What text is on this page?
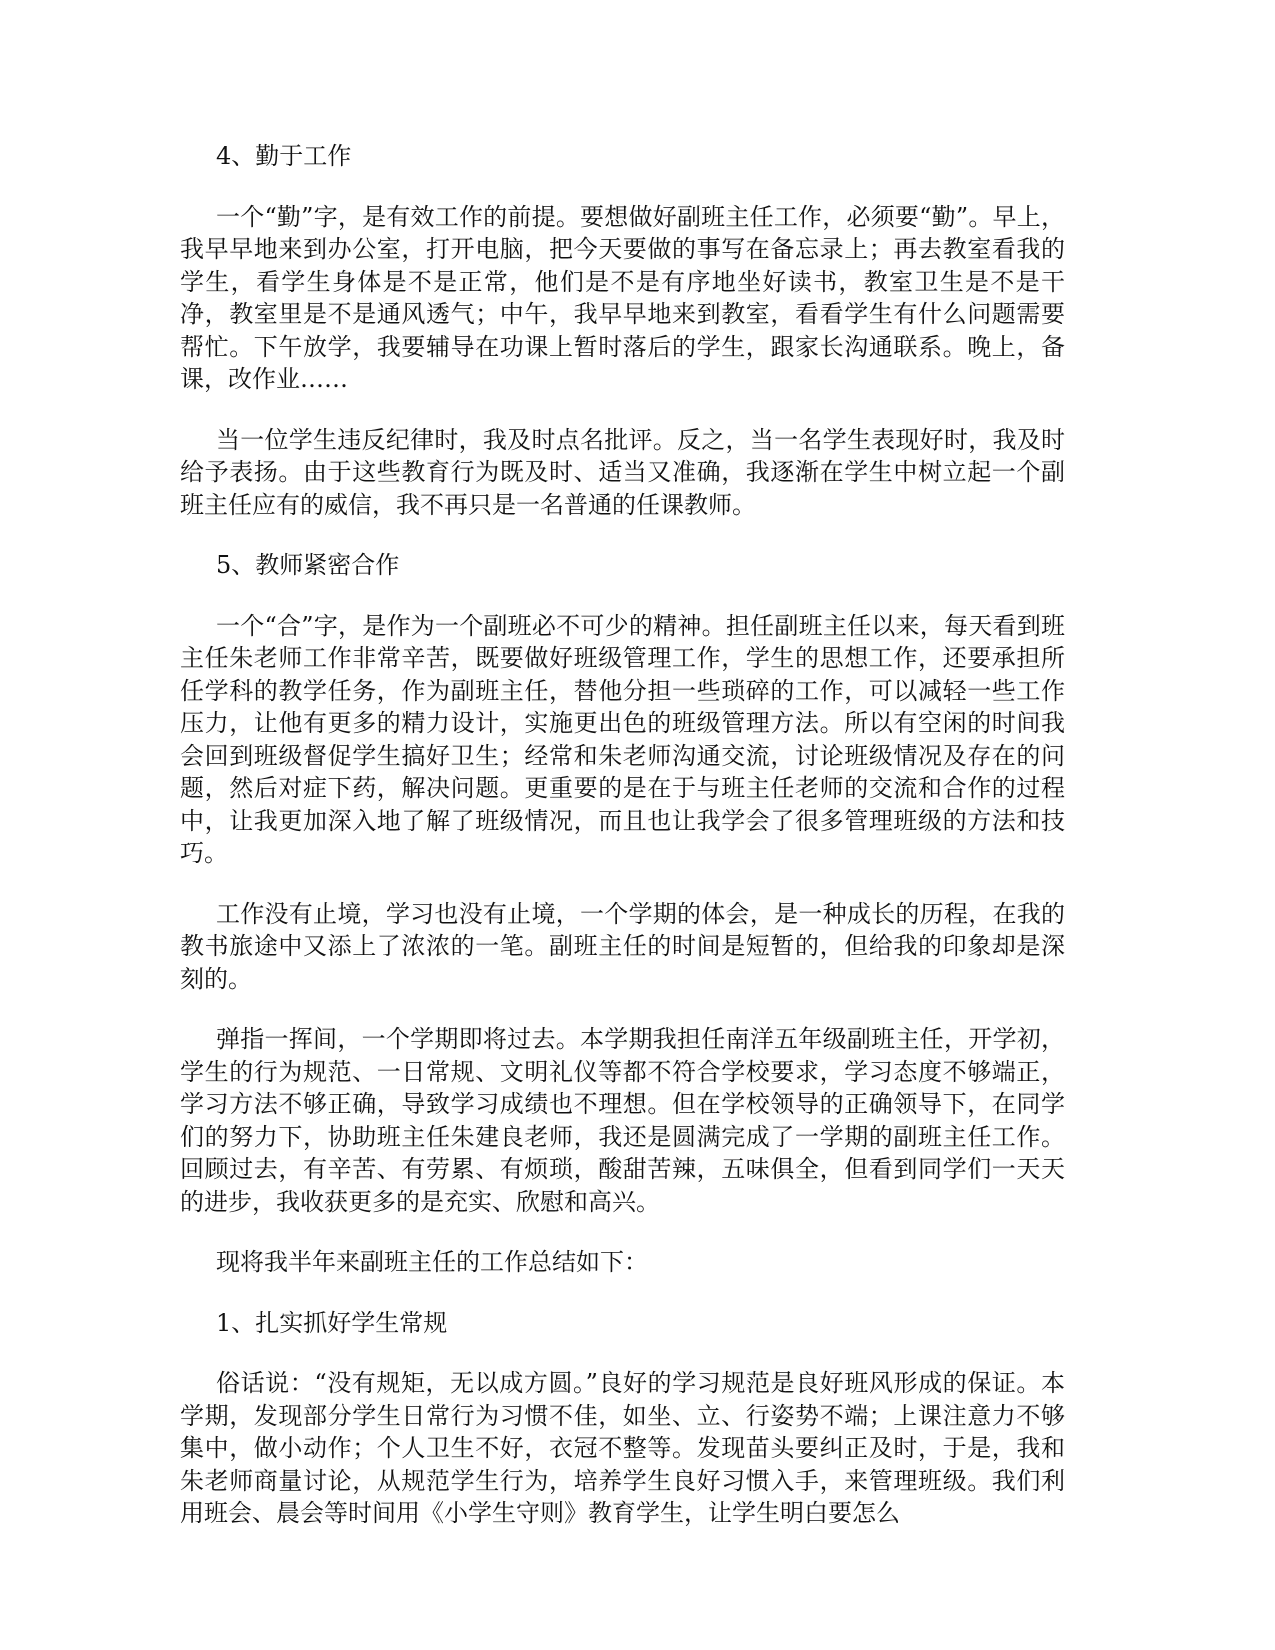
4、勤于工作

一个“勤”字，是有效工作的前提。要想做好副班主任工作，必须要“勤”。早上，我早早地来到办公室，打开电脑，把今天要做的事写在备忘录上；再去教室看我的学生，看学生身体是不是正常，他们是不是有序地坐好读书，教室卫生是不是干净，教室里是不是通风透气；中午，我早早地来到教室，看看学生有什么问题需要帮忙。下午放学，我要辅导在功课上暂时落后的学生，跟家长沟通联系。晚上，备课，改作业……

当一位学生违反纪律时，我及时点名批评。反之，当一名学生表现好时，我及时给予表扬。由于这些教育行为既及时、适当又准确，我逐渐在学生中树立起一个副班主任应有的威信，我不再只是一名普通的任课教师。

5、教师紧密合作

一个“合”字，是作为一个副班必不可少的精神。担任副班主任以来，每天看到班主任朱老师工作非常辛苦，既要做好班级管理工作，学生的思想工作，还要承担所任学科的教学任务，作为副班主任，替他分担一些琐碎的工作，可以减轻一些工作压力，让他有更多的精力设计，实施更出色的班级管理方法。所以有空闲的时间我会回到班级督促学生搞好卫生；经常和朱老师沟通交流，讨论班级情况及存在的问题，然后对症下药，解决问题。更重要的是在于与班主任老师的交流和合作的过程中，让我更加深入地了解了班级情况，而且也让我学会了很多管理班级的方法和技巧。

工作没有止境，学习也没有止境，一个学期的体会，是一种成长的历程，在我的教书旅途中又添上了浓浓的一笔。副班主任的时间是短暂的，但给我的印象却是深刻的。

弹指一挥间，一个学期即将过去。本学期我担任南洋五年级副班主任，开学初，学生的行为规范、一日常规、文明礼仪等都不符合学校要求，学习态度不够端正，学习方法不够正确，导致学习成绩也不理想。但在学校领导的正确领导下，在同学们的努力下，协助班主任朱建良老师，我还是圆满完成了一学期的副班主任工作。回顾过去，有辛苦、有劳累、有烦琐，酸甜苦辣，五味俱全，但看到同学们一天天的进步，我收获更多的是充实、欣慰和高兴。

现将我半年来副班主任的工作总结如下：

1、扎实抓好学生常规

俗话说：“没有规矩，无以成方圆。”良好的学习规范是良好班风形成的保证。本学期，发现部分学生日常行为习惯不佳，如坐、立、行姿势不端；上课注意力不够集中，做小动作；个人卫生不好，衣冠不整等。发现苗头要纠正及时，于是，我和朱老师商量讨论，从规范学生行为，培养学生良好习惯入手，来管理班级。我们利用班会、晨会等时间用《小学生守则》教育学生，让学生明白要怎么
